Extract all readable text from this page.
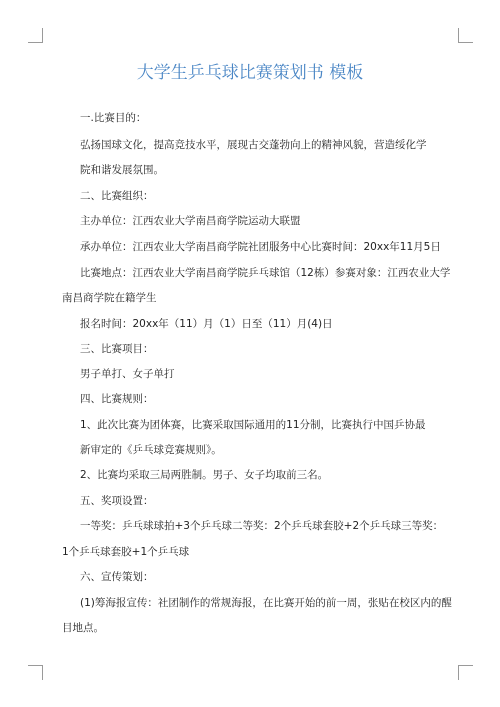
大学生乒乓球比赛策划书 模板
一.比赛目的：
弘扬国球文化，提高竞技水平，展现古交蓬勃向上的精神风貌，营造绥化学
院和谐发展氛围。
二、比赛组织：
主办单位：江西农业大学南昌商学院运动大联盟
承办单位：江西农业大学南昌商学院社团服务中心比赛时间：20xx年11月5日
比赛地点：江西农业大学南昌商学院乒乓球馆（12栋）参赛对象：江西农业大学
南昌商学院在籍学生
报名时间：20xx年（11）月（1）日至（11）月(4)日
三、比赛项目：
男子单打、女子单打
四、比赛规则：
1、此次比赛为团体赛，比赛采取国际通用的11分制，比赛执行中国乒协最
新审定的《乒乓球竞赛规则》。
2、比赛均采取三局两胜制。男子、女子均取前三名。
五、奖项设置：
一等奖：乒乓球球拍+3个乒乓球二等奖：2个乒乓球套胶+2个乒乓球三等奖：
1个乒乓球套胶+1个乒乓球
六、宣传策划：
(1)筹海报宣传：社团制作的常规海报，在比赛开始的前一周，张贴在校区内的醒
目地点。
